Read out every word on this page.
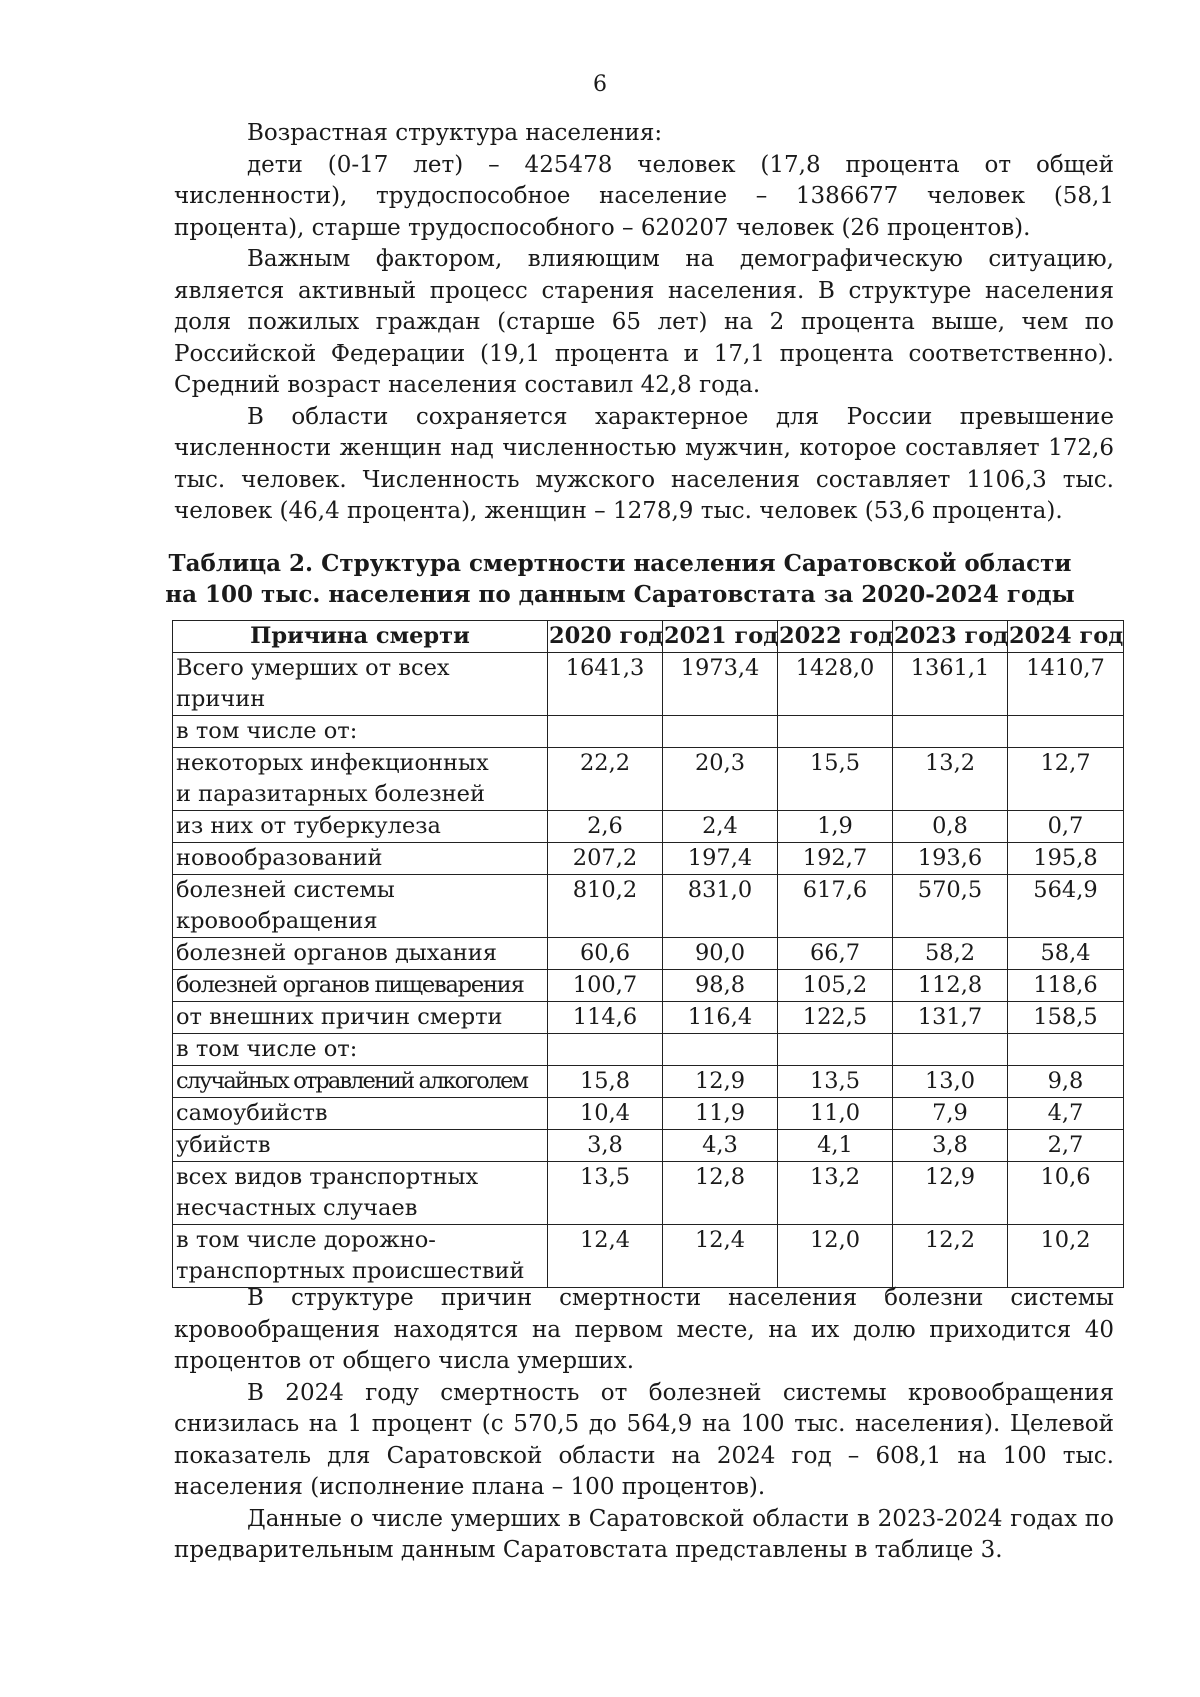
6

Возрастная структура населения:

дети (0-17 лет) – 425478 человек (17,8 процента от общей численности), трудоспособное население – 1386677 человек (58,1 процента), старше трудоспособного – 620207 человек (26 процентов).

Важным фактором, влияющим на демографическую ситуацию, является активный процесс старения населения. В структуре населения доля пожилых граждан (старше 65 лет) на 2 процента выше, чем по Российской Федерации (19,1 процента и 17,1 процента соответственно). Средний возраст населения составил 42,8 года.

В области сохраняется характерное для России превышение численности женщин над численностью мужчин, которое составляет 172,6 тыс. человек. Численность мужского населения составляет 1106,3 тыс. человек (46,4 процента), женщин – 1278,9 тыс. человек (53,6 процента).

Таблица 2. Структура смертности населения Саратовской области
на 100 тыс. населения по данным Саратовстата за 2020-2024 годы
Причина смерти	2020 год	2021 год	2022 год	2023 год	2024 год
Всего умерших от всех причин	1641,3	1973,4	1428,0	1361,1	1410,7
в том числе от:					
некоторых инфекционных
и паразитарных болезней	22,2	20,3	15,5	13,2	12,7
из них от туберкулеза	2,6	2,4	1,9	0,8	0,7
новообразований	207,2	197,4	192,7	193,6	195,8
болезней системы
кровообращения	810,2	831,0	617,6	570,5	564,9
болезней органов дыхания	60,6	90,0	66,7	58,2	58,4
болезней органов пищеварения	100,7	98,8	105,2	112,8	118,6
от внешних причин смерти	114,6	116,4	122,5	131,7	158,5
в том числе от:					
случайных отравлений алкоголем	15,8	12,9	13,5	13,0	9,8
самоубийств	10,4	11,9	11,0	7,9	4,7
убийств	3,8	4,3	4,1	3,8	2,7
всех видов транспортных
несчастных случаев	13,5	12,8	13,2	12,9	10,6
в том числе дорожно-
транспортных происшествий	12,4	12,4	12,0	12,2	10,2

В структуре причин смертности населения болезни системы кровообращения находятся на первом месте, на их долю приходится 40 процентов от общего числа умерших.

В 2024 году смертность от болезней системы кровообращения снизилась на 1 процент (с 570,5 до 564,9 на 100 тыс. населения). Целевой показатель для Саратовской области на 2024 год – 608,1 на 100 тыс. населения (исполнение плана – 100 процентов).

Данные о числе умерших в Саратовской области в 2023-2024 годах по предварительным данным Саратовстата представлены в таблице 3.
